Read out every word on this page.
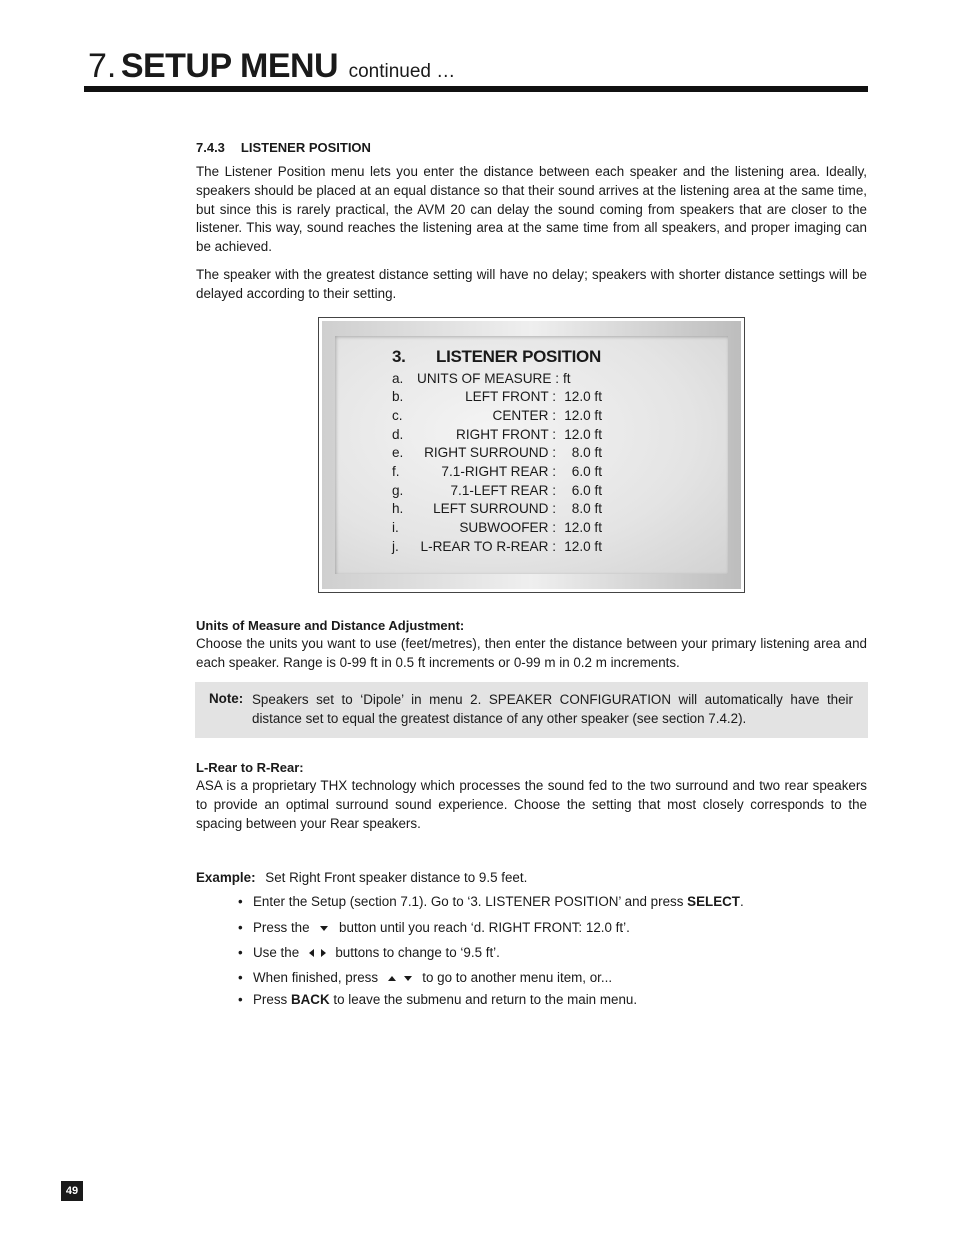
7. SETUP MENU continued …
7.4.3 LISTENER POSITION

The Listener Position menu lets you enter the distance between each speaker and the listening area. Ideally, speakers should be placed at an equal distance so that their sound arrives at the listening area at the same time, but since this is rarely practical, the AVM 20 can delay the sound coming from speakers that are closer to the listener. This way, sound reaches the listening area at the same time from all speakers, and proper imaging can be achieved.

The speaker with the greatest distance setting will have no delay; speakers with shorter distance settings will be delayed according to their setting.

3. LISTENER POSITION
a. UNITS OF MEASURE : ft
b.	LEFT FRONT : 12.0 ft
c.	CENTER : 12.0 ft
d.	RIGHT FRONT : 12.0 ft
e. RIGHT SURROUND : 8.0 ft
f.	7.1-RIGHT REAR : 6.0 ft
g.	7.1-LEFT REAR : 6.0 ft
h. LEFT SURROUND : 8.0 ft
i.	SUBWOOFER : 12.0 ft
j. L-REAR TO R-REAR : 12.0 ft
Units of Measure and Distance Adjustment:

Choose the units you want to use (feet/metres), then enter the distance between your primary listening area and each speaker. Range is 0-99 ft in 0.5 ft increments or 0-99 m in 0.2 m increments.

Note: Speakers set to ‘Dipole’ in menu 2. SPEAKER CONFIGURATION will automatically have their distance set to equal the greatest distance of any other speaker (see section 7.4.2).
L-Rear to R-Rear:

ASA is a proprietary THX technology which processes the sound fed to the two surround and two rear speakers to provide an optimal surround sound experience. Choose the setting that most closely corresponds to the spacing between your Rear speakers.

Example: Set Right Front speaker distance to 9.5 feet.
• Enter the Setup (section 7.1). Go to ‘3. LISTENER POSITION’ and press SELECT.
• Press the button until you reach ‘d. RIGHT FRONT: 12.0 ft’.
• Use the	buttons to change to ‘9.5 ft’.
• When finished, press	to go to another menu item, or...
• Press BACK to leave the submenu and return to the main menu.
49
